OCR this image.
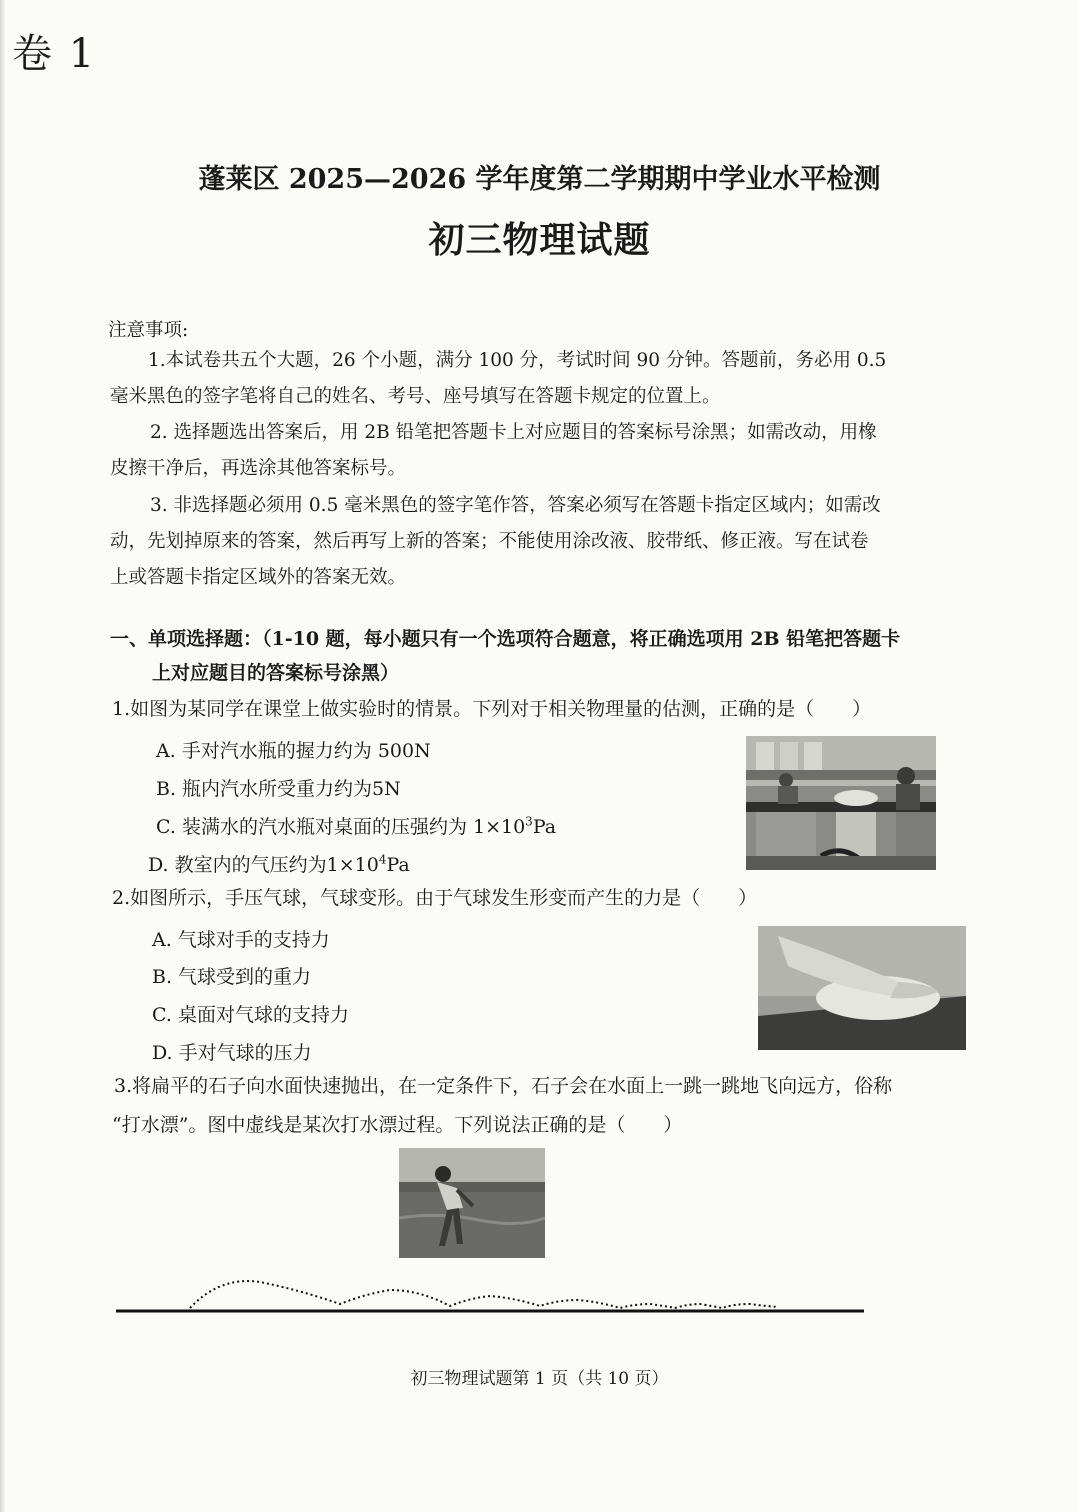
卷 1
蓬莱区 2025—2026 学年度第二学期期中学业水平检测
初三物理试题
注意事项:
1.本试卷共五个大题，26 个小题，满分 100 分，考试时间 90 分钟。答题前，务必用 0.5
毫米黑色的签字笔将自己的姓名、考号、座号填写在答题卡规定的位置上。
2. 选择题选出答案后，用 2B 铅笔把答题卡上对应题目的答案标号涂黑；如需改动，用橡
皮擦干净后，再选涂其他答案标号。
3. 非选择题必须用 0.5 毫米黑色的签字笔作答，答案必须写在答题卡指定区域内；如需改
动，先划掉原来的答案，然后再写上新的答案；不能使用涂改液、胶带纸、修正液。写在试卷
上或答题卡指定区域外的答案无效。
一、单项选择题：（1-10 题，每小题只有一个选项符合题意，将正确选项用 2B 铅笔把答题卡
上对应题目的答案标号涂黑）
1.如图为某同学在课堂上做实验时的情景。下列对于相关物理量的估测，正确的是（　　）
A. 手对汽水瓶的握力约为 500N
B. 瓶内汽水所受重力约为5N
C. 装满水的汽水瓶对桌面的压强约为 $1\times 10^3Pa$
D. 教室内的气压约为$1\times 10^4Pa$
2.如图所示，手压气球，气球变形。由于气球发生形变而产生的力是（　　）
A. 气球对手的支持力
B. 气球受到的重力
C. 桌面对气球的支持力
D. 手对气球的压力
3.将扁平的石子向水面快速抛出，在一定条件下，石子会在水面上一跳一跳地飞向远方，俗称
“打水漂”。图中虚线是某次打水漂过程。下列说法正确的是（　　）
初三物理试题第 1 页（共 10 页）
